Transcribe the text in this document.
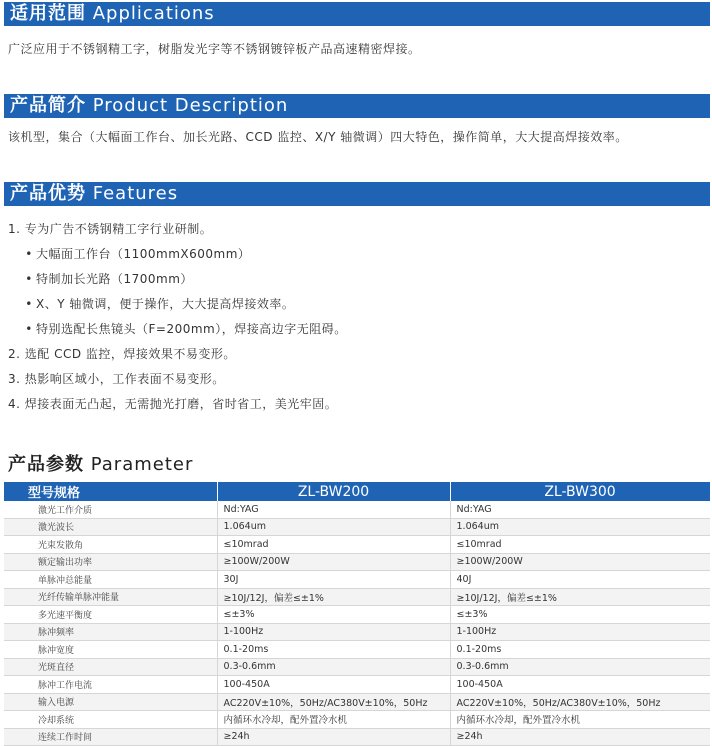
适用范围 Applications
广泛应用于不锈钢精工字，树脂发光字等不锈钢镀锌板产品高速精密焊接。
产品简介 Product Description
该机型，集合（大幅面工作台、加长光路、CCD 监控、X/Y 轴微调）四大特色，操作简单，大大提高焊接效率。
产品优势 Features
1. 专为广告不锈钢精工字行业研制。
• 大幅面工作台（1100mmX600mm）
• 特制加长光路（1700mm）
• X、Y 轴微调，便于操作，大大提高焊接效率。
• 特别选配长焦镜头（F=200mm），焊接高边字无阻碍。
2. 选配 CCD 监控，焊接效果不易变形。
3. 热影响区域小，工作表面不易变形。
4. 焊接表面无凸起，无需抛光打磨，省时省工，美光牢固。
产品参数 Parameter
型号规格	ZL-BW200	ZL-BW300
激光工作介质	Nd:YAG	Nd:YAG
激光波长	1.064um	1.064um
光束发散角	≤10mrad	≤10mrad
额定输出功率	≥100W/200W	≥100W/200W
单脉冲总能量	30J	40J
光纤传输单脉冲能量	≥10J/12J，偏差≤±1%	≥10J/12J，偏差≤±1%
多光速平衡度	≤±3%	≤±3%
脉冲频率	1-100Hz	1-100Hz
脉冲宽度	0.1-20ms	0.1-20ms
光斑直径	0.3-0.6mm	0.3-0.6mm
脉冲工作电流	100-450A	100-450A
输入电源	AC220V±10%，50Hz/AC380V±10%，50Hz	AC220V±10%，50Hz/AC380V±10%，50Hz
冷却系统	内循环水冷却，配外置冷水机	内循环水冷却，配外置冷水机
连续工作时间	≥24h	≥24h
